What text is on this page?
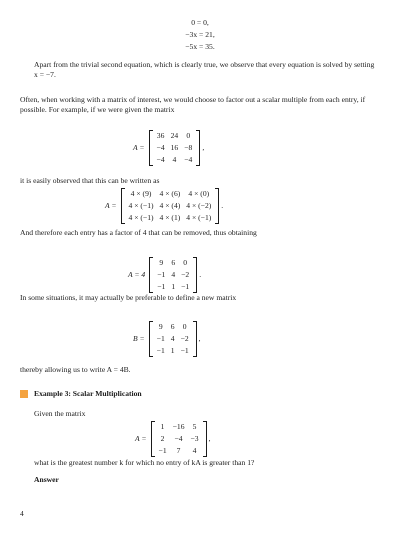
0 = 0,
−3x = 21,
−5x = 35.
Apart from the trivial second equation, which is clearly true, we observe that every equation is solved by setting x = −7.
Often, when working with a matrix of interest, we would choose to factor out a scalar multiple from each entry, if possible. For example, if we were given the matrix
A =
36	24	0
−4	16	−8
−4	4	−4
,
it is easily observed that this can be written as
A =
4 × (9)	4 × (6)	4 × (0)
4 × (−1)	4 × (4)	4 × (−2)
4 × (−1)	4 × (1)	4 × (−1)
.
And therefore each entry has a factor of 4 that can be removed, thus obtaining
A = 4
9	6	0
−1	4	−2
−1	1	−1
.
In some situations, it may actually be preferable to define a new matrix
B =
9	6	0
−1	4	−2
−1	1	−1
,
thereby allowing us to write A = 4B.
Example 3: Scalar Multiplication
Given the matrix
A =
1	−16	5
2	−4	−3
−1	7	4
,
what is the greatest number k for which no entry of kA is greater than 1?
Answer
4
